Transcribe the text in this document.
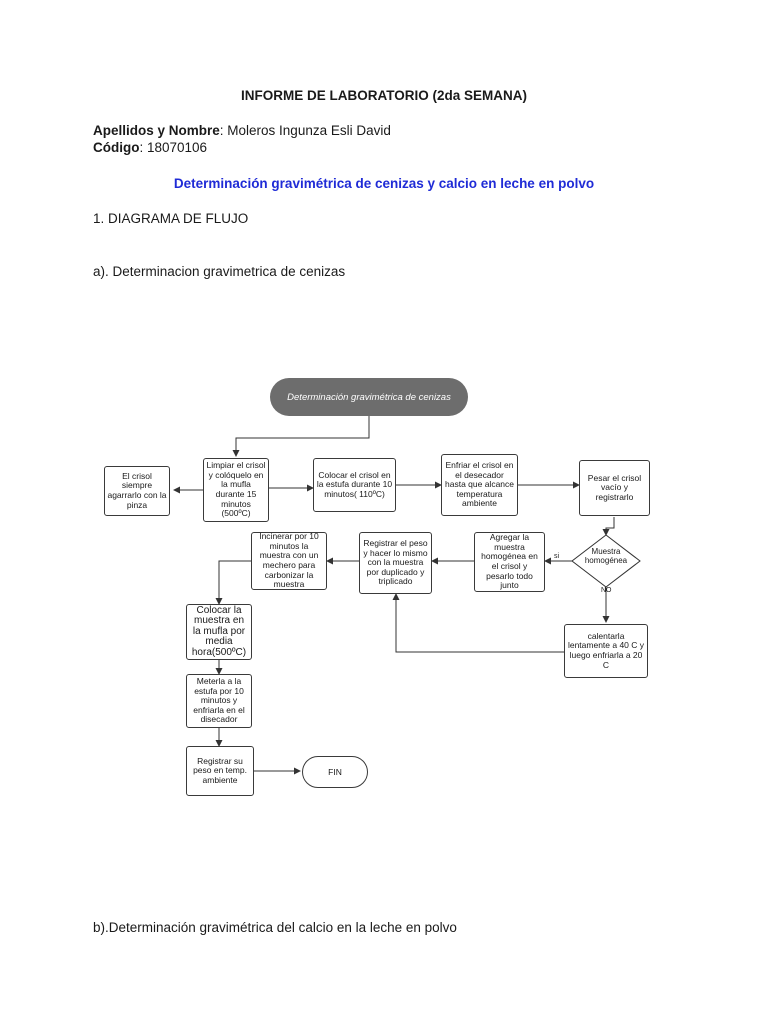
INFORME DE LABORATORIO (2da SEMANA)
Apellidos y Nombre: Moleros Ingunza Esli David
Código: 18070106
Determinación gravimétrica de cenizas y calcio en leche en polvo
1. DIAGRAMA DE FLUJO
a). Determinacion gravimetrica de cenizas
b).Determinación gravimétrica del calcio en la leche en polvo
Determinación gravimétrica de cenizas
El crisol siempre agarrarlo con la pinza
Limpiar el crisol y colóquelo en la mufla durante 15 minutos (500ºC)
Colocar el crisol en la estufa durante 10 minutos( 110ºC)
Enfriar el crisol en el desecador hasta que alcance temperatura ambiente
Pesar el crisol vacío y registrarlo
Muestra homogénea
si
NO
Agregar la muestra homogénea en el crisol y pesarlo todo junto
Registrar el peso y hacer lo mismo con la muestra por duplicado y triplicado
Incinerar por 10 minutos la muestra con un mechero para carbonizar la muestra
Colocar la muestra en la mufla por media hora(500ºC)
calentarla lentamente a 40 C y luego enfriarla a 20 C
Meterla a la estufa por 10 minutos y enfriarla en el disecador
Registrar su peso en temp. ambiente
FIN
